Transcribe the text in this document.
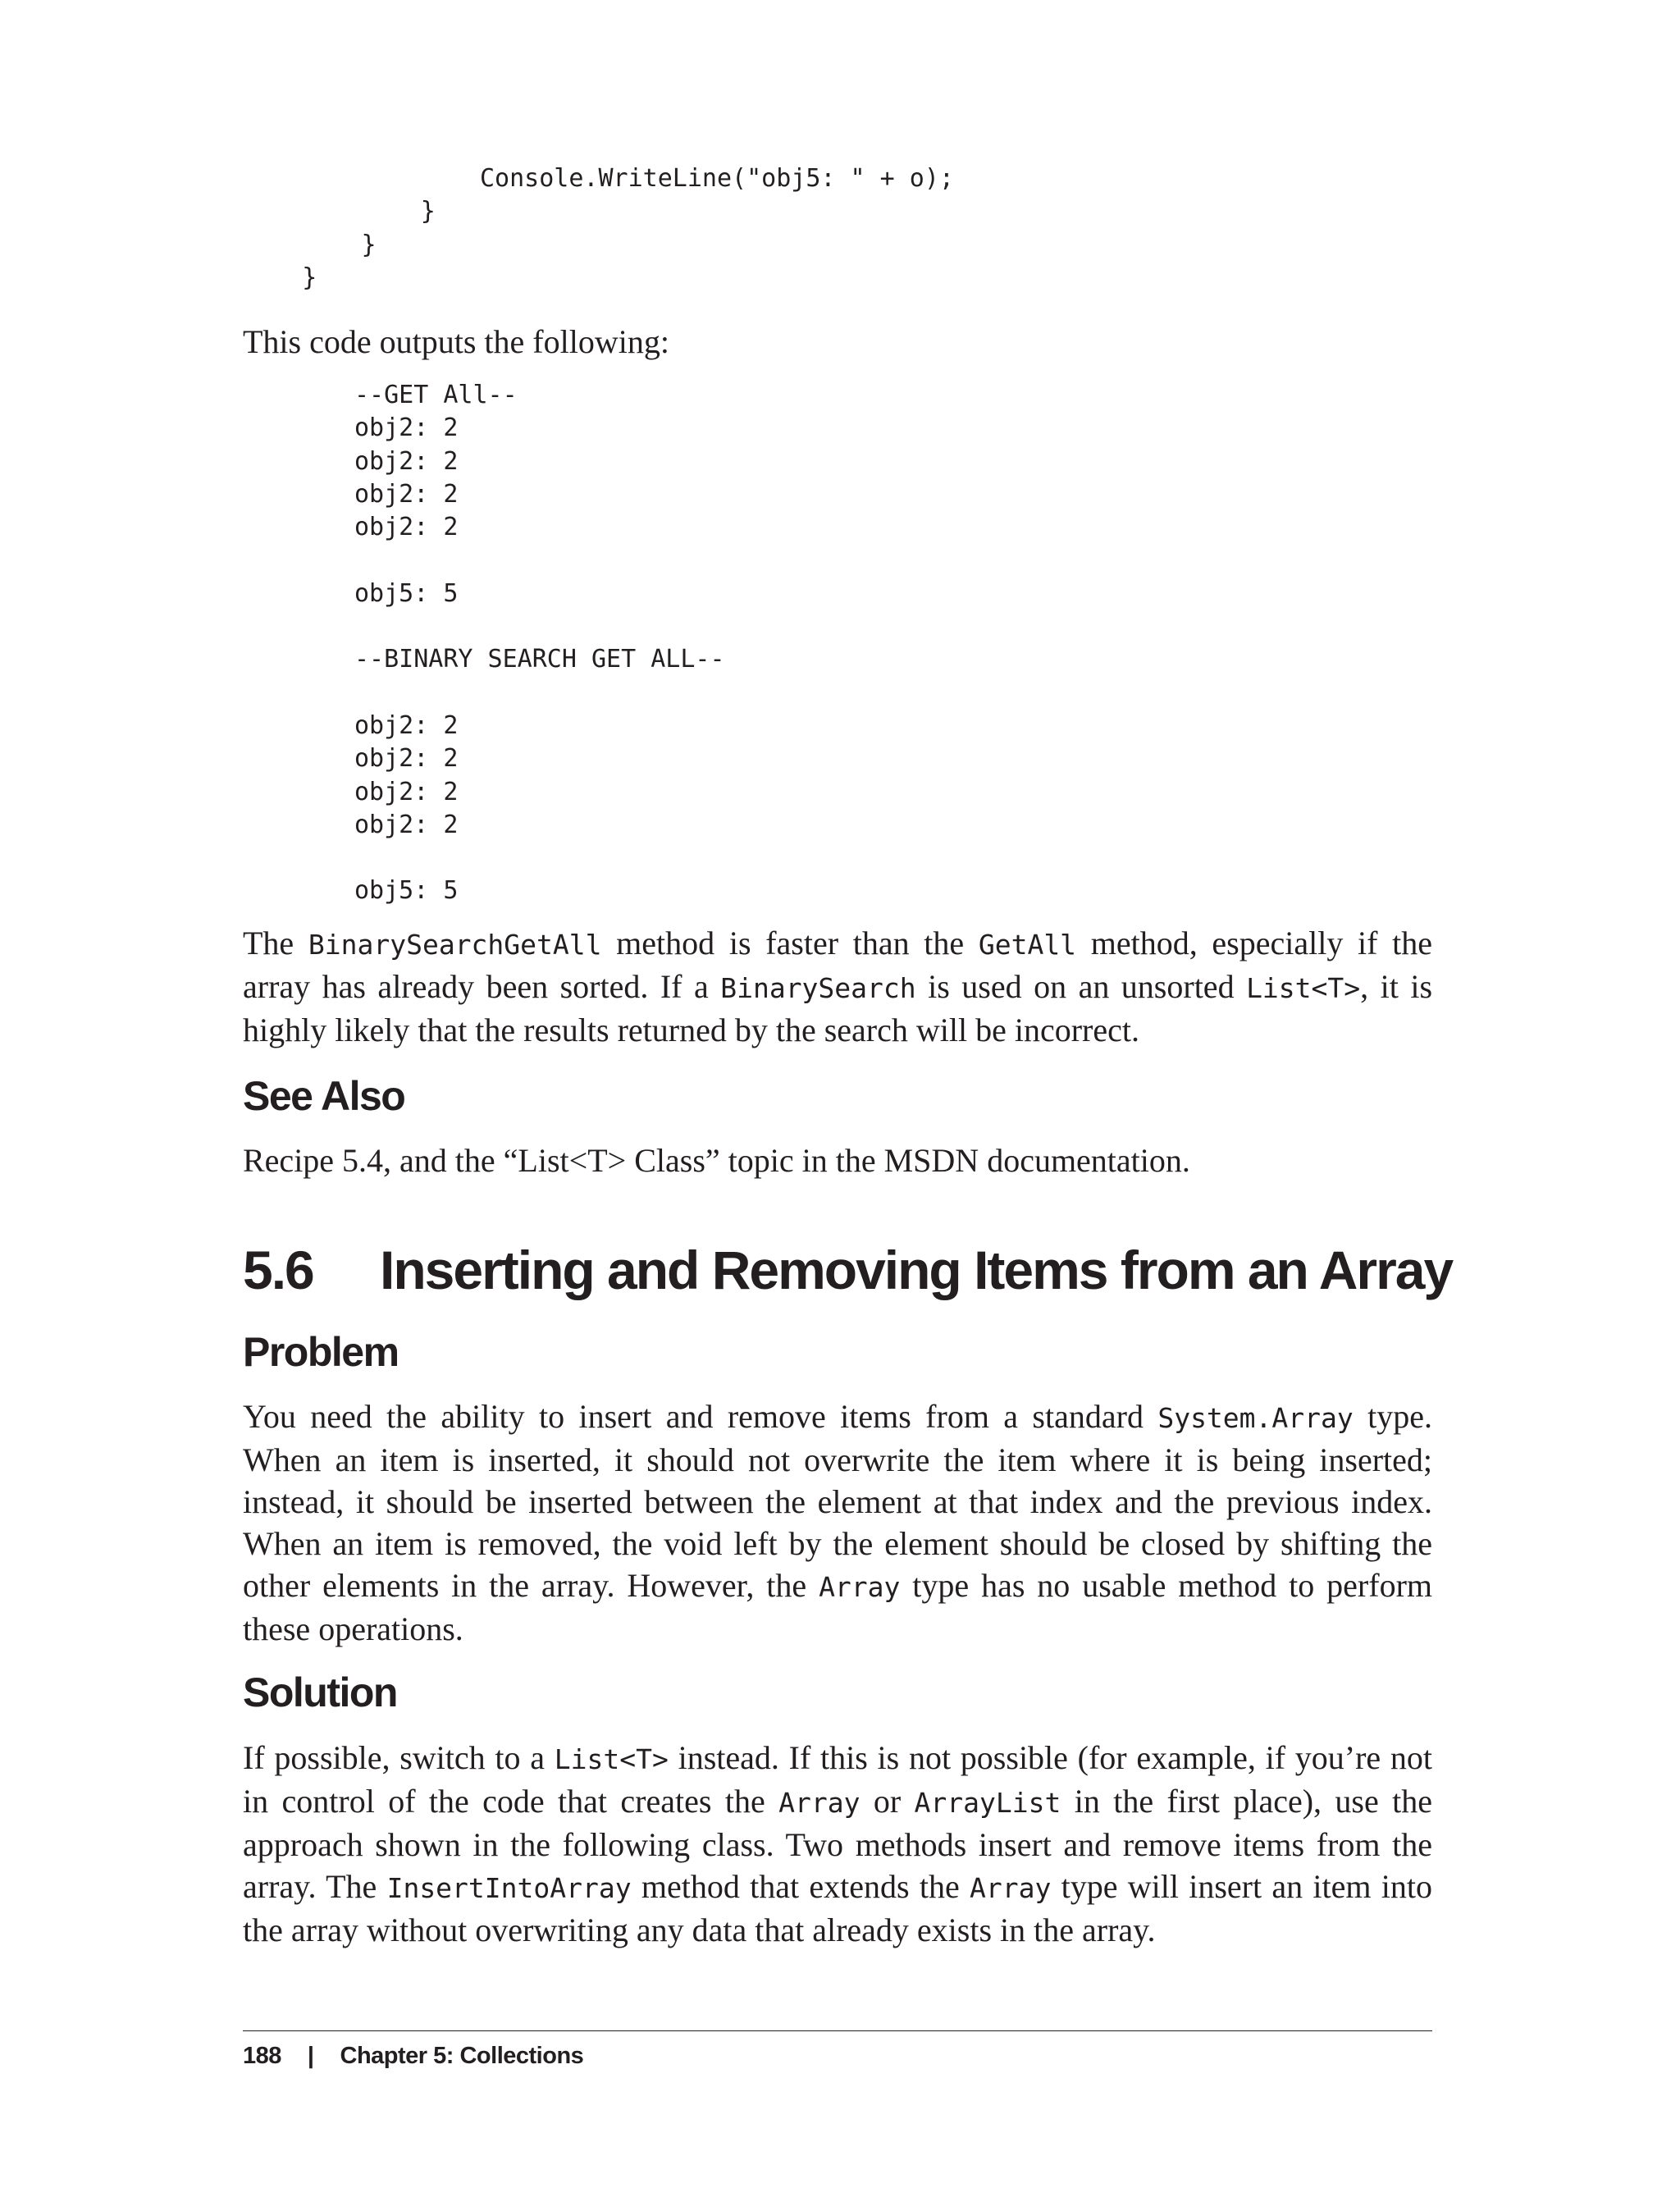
Console.WriteLine("obj5: " + o);
}
}
}

This code outputs the following:

--GET All--
obj2: 2
obj2: 2
obj2: 2
obj2: 2

obj5: 5

--BINARY SEARCH GET ALL--

obj2: 2
obj2: 2
obj2: 2
obj2: 2

obj5: 5

The BinarySearchGetAll method is faster than the GetAll method, especially if the array has already been sorted. If a BinarySearch is used on an unsorted List<T>, it is highly likely that the results returned by the search will be incorrect.

See Also

Recipe 5.4, and the “List<T> Class” topic in the MSDN documentation.

5.6 Inserting and Removing Items from an Array
Problem

You need the ability to insert and remove items from a standard System.Array type. When an item is inserted, it should not overwrite the item where it is being inserted; instead, it should be inserted between the element at that index and the previous index. When an item is removed, the void left by the element should be closed by shifting the other elements in the array. However, the Array type has no usable method to perform these operations.

Solution

If possible, switch to a List<T> instead. If this is not possible (for example, if you’re not in control of the code that creates the Array or ArrayList in the first place), use the approach shown in the following class. Two methods insert and remove items from the array. The InsertIntoArray method that extends the Array type will insert an item into the array without overwriting any data that already exists in the array.

188 | Chapter 5: Collections
